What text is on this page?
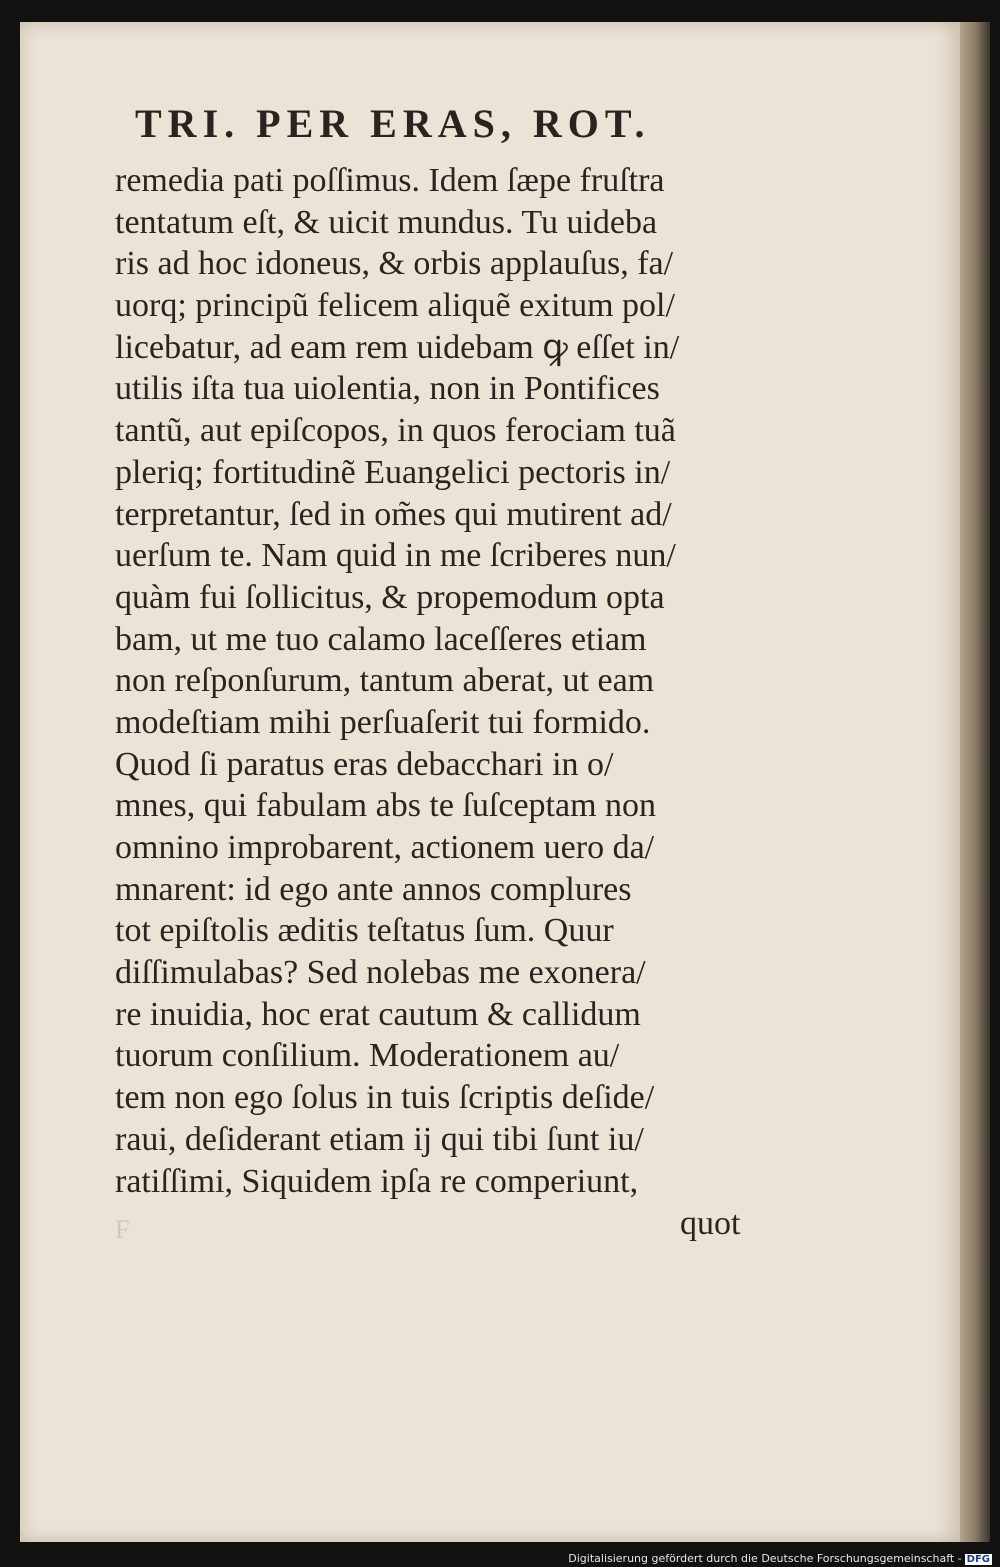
TRI. PER ERAS, ROT.
remedia pati poſſimus. Idem ſæpe fruſtra
tentatum eſt, & uicit mundus. Tu uideba
ris ad hoc idoneus, & orbis applauſus, fa/
uorq; principũ felicem aliquẽ exitum pol/
licebatur, ad eam rem uidebam ꝙ eſſet in/
utilis iſta tua uiolentia, non in Pontifices
tantũ, aut epiſcopos, in quos ferociam tuã
pleriq; fortitudinẽ Euangelici pectoris in/
terpretantur, ſed in om̃es qui mutirent ad/
uerſum te. Nam quid in me ſcriberes nun/
quàm fui ſollicitus, & propemodum opta
bam, ut me tuo calamo laceſſeres etiam
non reſponſurum, tantum aberat, ut eam
modeſtiam mihi perſuaſerit tui formido.
Quod ſi paratus eras debacchari in o/
mnes, qui fabulam abs te ſuſceptam non
omnino improbarent, actionem uero da/
mnarent: id ego ante annos complures
tot epiſtolis æditis teſtatus ſum. Quur
diſſimulabas? Sed nolebas me exonera/
re inuidia, hoc erat cautum & callidum
tuorum conſilium. Moderationem au/
tem non ego ſolus in tuis ſcriptis deſide/
raui, deſiderant etiam ij qui tibi ſunt iu/
ratiſſimi, Siquidem ipſa re comperiunt,
F	quot
Digitalisierung gefördert durch die Deutsche Forschungsgemeinschaft - DFG
